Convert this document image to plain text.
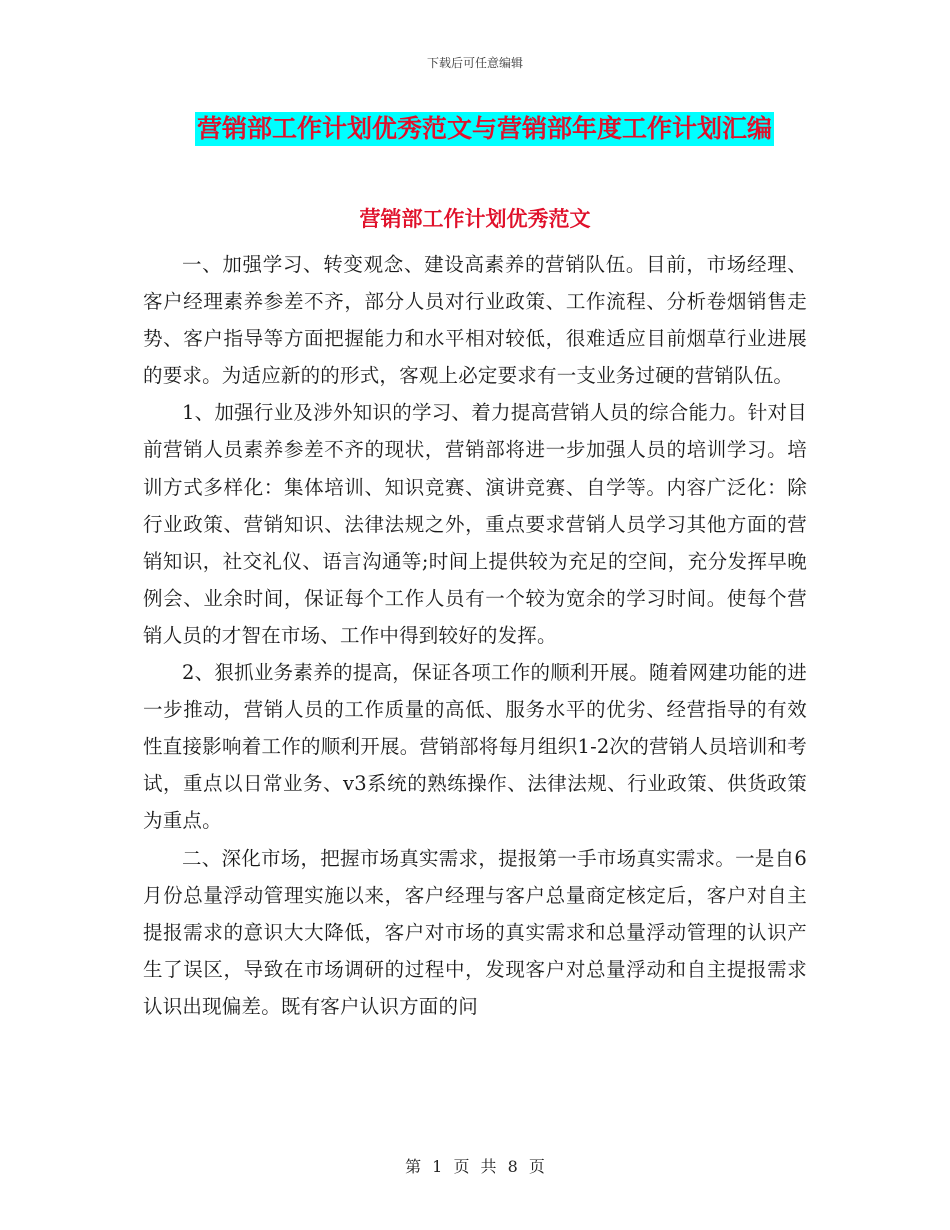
下载后可任意编辑
营销部工作计划优秀范文与营销部年度工作计划汇编
营销部工作计划优秀范文

一、加强学习、转变观念、建设高素养的营销队伍。目前，市场经理、客户经理素养参差不齐，部分人员对行业政策、工作流程、分析卷烟销售走势、客户指导等方面把握能力和水平相对较低，很难适应目前烟草行业进展的要求。为适应新的的形式，客观上必定要求有一支业务过硬的营销队伍。

1、加强行业及涉外知识的学习、着力提高营销人员的综合能力。针对目前营销人员素养参差不齐的现状，营销部将进一步加强人员的培训学习。培训方式多样化：集体培训、知识竞赛、演讲竞赛、自学等。内容广泛化：除行业政策、营销知识、法律法规之外，重点要求营销人员学习其他方面的营销知识，社交礼仪、语言沟通等;时间上提供较为充足的空间，充分发挥早晚例会、业余时间，保证每个工作人员有一个较为宽余的学习时间。使每个营销人员的才智在市场、工作中得到较好的发挥。

2、狠抓业务素养的提高，保证各项工作的顺利开展。随着网建功能的进一步推动，营销人员的工作质量的高低、服务水平的优劣、经营指导的有效性直接影响着工作的顺利开展。营销部将每月组织1-2次的营销人员培训和考试，重点以日常业务、v3系统的熟练操作、法律法规、行业政策、供货政策为重点。

二、深化市场，把握市场真实需求，提报第一手市场真实需求。一是自6月份总量浮动管理实施以来，客户经理与客户总量商定核定后，客户对自主提报需求的意识大大降低，客户对市场的真实需求和总量浮动管理的认识产生了误区，导致在市场调研的过程中，发现客户对总量浮动和自主提报需求认识出现偏差。既有客户认识方面的问

第 1 页 共 8 页
